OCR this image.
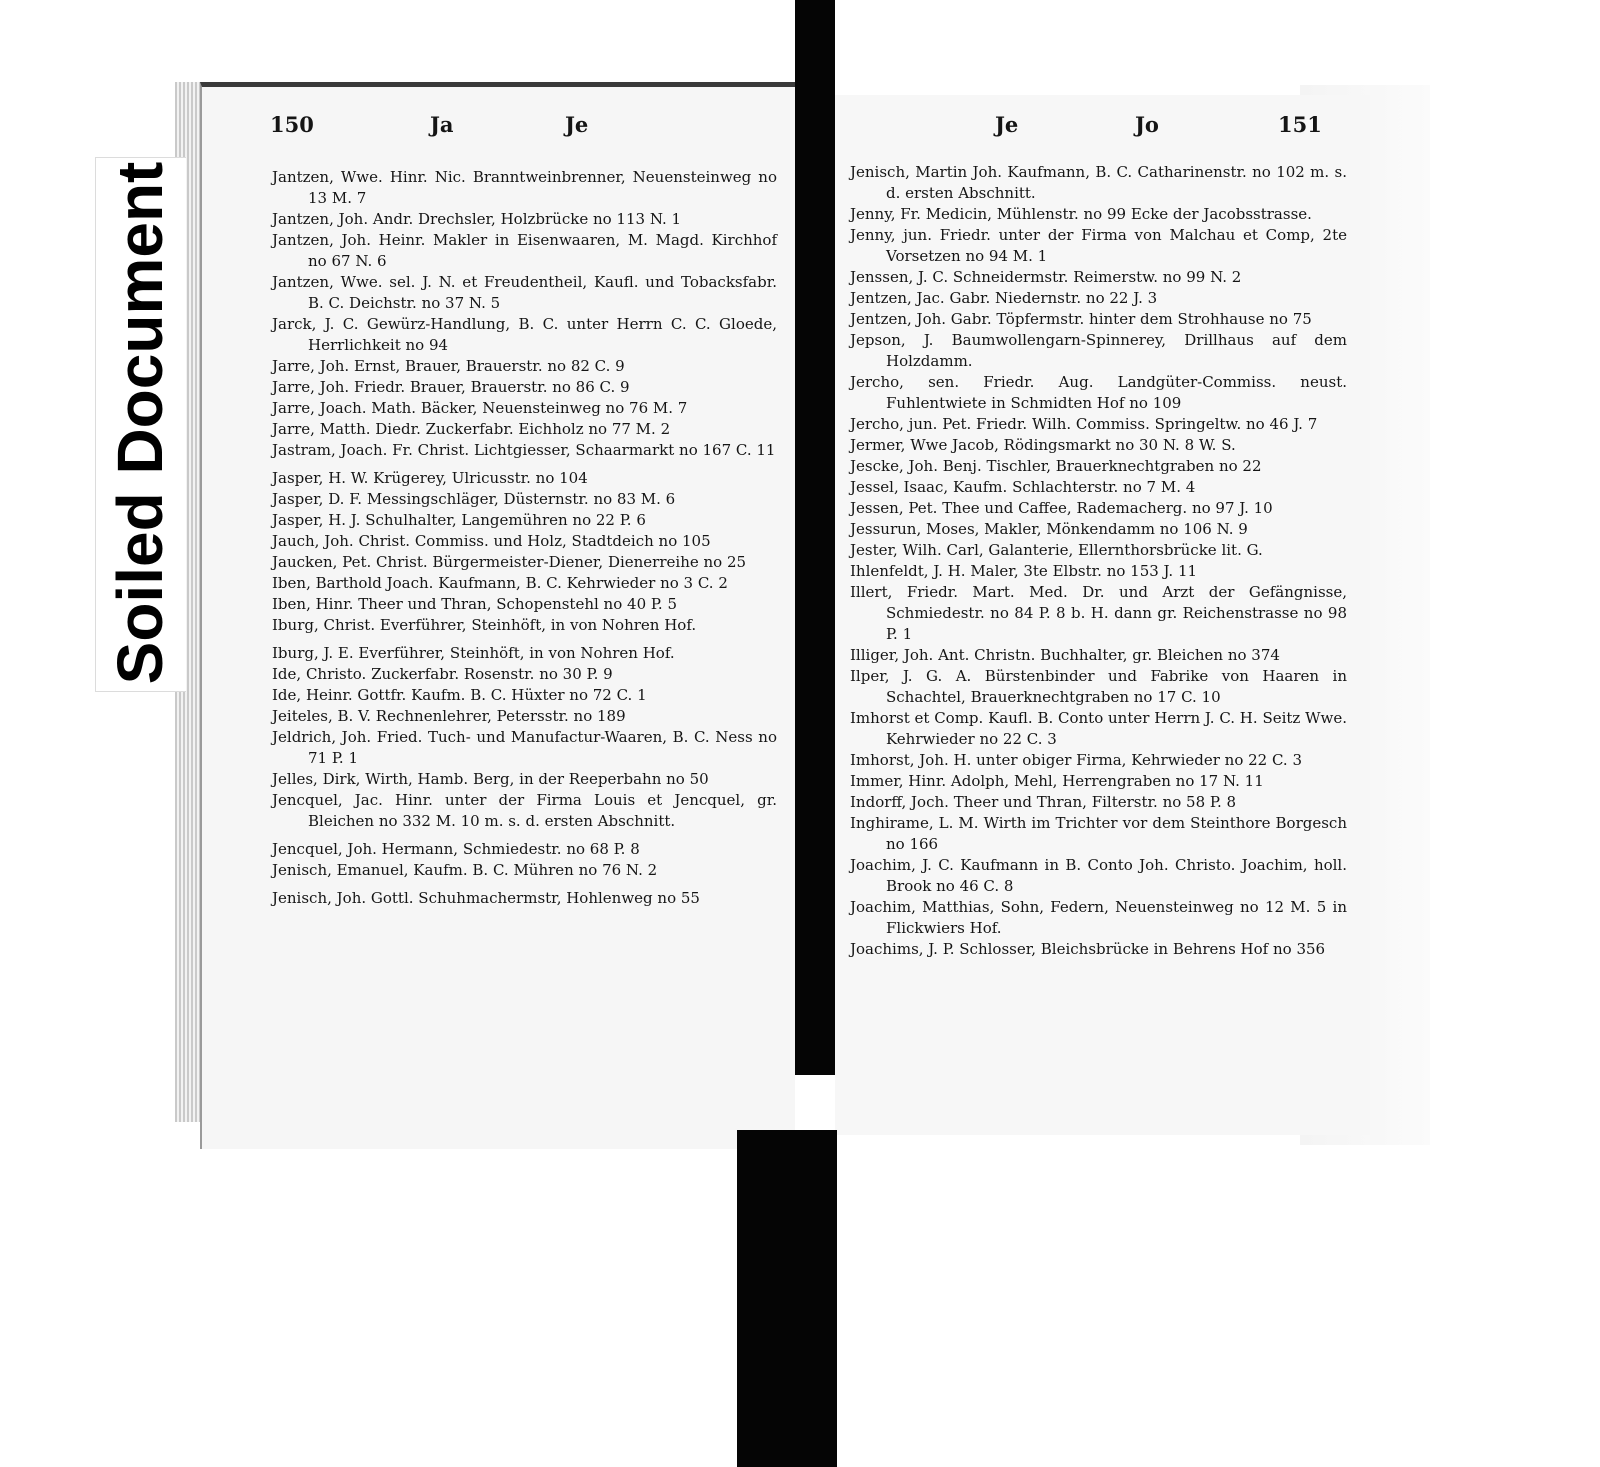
Soiled Document
150	Ja	Je	Je	Jo	151

Jantzen, Wwe. Hinr. Nic. Branntweinbrenner, Neuensteinweg no 13 M. 7

Jantzen, Joh. Andr. Drechsler, Holzbrücke no 113 N. 1

Jantzen, Joh. Heinr. Makler in Eisenwaaren, M. Magd. Kirchhof no 67 N. 6

Jantzen, Wwe. sel. J. N. et Freudentheil, Kaufl. und Tobacksfabr. B. C. Deichstr. no 37 N. 5

Jarck, J. C. Gewürz-Handlung, B. C. unter Herrn C. C. Gloede, Herrlichkeit no 94

Jarre, Joh. Ernst, Brauer, Brauerstr. no 82 C. 9

Jarre, Joh. Friedr. Brauer, Brauerstr. no 86 C. 9

Jarre, Joach. Math. Bäcker, Neuensteinweg no 76 M. 7

Jarre, Matth. Diedr. Zuckerfabr. Eichholz no 77 M. 2

Jastram, Joach. Fr. Christ. Lichtgiesser, Schaarmarkt no 167 C. 11

Jasper, H. W. Krügerey, Ulricusstr. no 104

Jasper, D. F. Messingschläger, Düsternstr. no 83 M. 6

Jasper, H. J. Schulhalter, Langemühren no 22 P. 6

Jauch, Joh. Christ. Commiss. und Holz, Stadtdeich no 105

Jaucken, Pet. Christ. Bürgermeister-Diener, Dienerreihe no 25

Iben, Barthold Joach. Kaufmann, B. C. Kehrwieder no 3 C. 2

Iben, Hinr. Theer und Thran, Schopenstehl no 40 P. 5

Iburg, Christ. Everführer, Steinhöft, in von Nohren Hof.

Iburg, J. E. Everführer, Steinhöft, in von Nohren Hof.

Ide, Christo. Zuckerfabr. Rosenstr. no 30 P. 9

Ide, Heinr. Gottfr. Kaufm. B. C. Hüxter no 72 C. 1

Jeiteles, B. V. Rechnenlehrer, Petersstr. no 189

Jeldrich, Joh. Fried. Tuch- und Manufactur-Waaren, B. C. Ness no 71 P. 1

Jelles, Dirk, Wirth, Hamb. Berg, in der Reeperbahn no 50

Jencquel, Jac. Hinr. unter der Firma Louis et Jencquel, gr. Bleichen no 332 M. 10 m. s. d. ersten Abschnitt.

Jencquel, Joh. Hermann, Schmiedestr. no 68 P. 8

Jenisch, Emanuel, Kaufm. B. C. Mühren no 76 N. 2

Jenisch, Joh. Gottl. Schuhmachermstr, Hohlenweg no 55

Jenisch, Martin Joh. Kaufmann, B. C. Catharinenstr. no 102 m. s. d. ersten Abschnitt.

Jenny, Fr. Medicin, Mühlenstr. no 99 Ecke der Jacobsstrasse.

Jenny, jun. Friedr. unter der Firma von Malchau et Comp, 2te Vorsetzen no 94 M. 1

Jenssen, J. C. Schneidermstr. Reimerstw. no 99 N. 2

Jentzen, Jac. Gabr. Niedernstr. no 22 J. 3

Jentzen, Joh. Gabr. Töpfermstr. hinter dem Strohhause no 75

Jepson, J. Baumwollengarn-Spinnerey, Drillhaus auf dem Holzdamm.

Jercho, sen. Friedr. Aug. Landgüter-Commiss. neust. Fuhlentwiete in Schmidten Hof no 109

Jercho, jun. Pet. Friedr. Wilh. Commiss. Springeltw. no 46 J. 7

Jermer, Wwe Jacob, Rödingsmarkt no 30 N. 8 W. S.

Jescke, Joh. Benj. Tischler, Brauerknechtgraben no 22

Jessel, Isaac, Kaufm. Schlachterstr. no 7 M. 4

Jessen, Pet. Thee und Caffee, Rademacherg. no 97 J. 10

Jessurun, Moses, Makler, Mönkendamm no 106 N. 9

Jester, Wilh. Carl, Galanterie, Ellernthorsbrücke lit. G.

Ihlenfeldt, J. H. Maler, 3te Elbstr. no 153 J. 11

Illert, Friedr. Mart. Med. Dr. und Arzt der Gefängnisse, Schmiedestr. no 84 P. 8 b. H. dann gr. Reichenstrasse no 98 P. 1

Illiger, Joh. Ant. Christn. Buchhalter, gr. Bleichen no 374

Ilper, J. G. A. Bürstenbinder und Fabrike von Haaren in Schachtel, Brauerknechtgraben no 17 C. 10

Imhorst et Comp. Kaufl. B. Conto unter Herrn J. C. H. Seitz Wwe. Kehrwieder no 22 C. 3

Imhorst, Joh. H. unter obiger Firma, Kehrwieder no 22 C. 3

Immer, Hinr. Adolph, Mehl, Herrengraben no 17 N. 11

Indorff, Joch. Theer und Thran, Filterstr. no 58 P. 8

Inghirame, L. M. Wirth im Trichter vor dem Steinthore Borgesch no 166

Joachim, J. C. Kaufmann in B. Conto Joh. Christo. Joachim, holl. Brook no 46 C. 8

Joachim, Matthias, Sohn, Federn, Neuensteinweg no 12 M. 5 in Flickwiers Hof.

Joachims, J. P. Schlosser, Bleichsbrücke in Behrens Hof no 356
